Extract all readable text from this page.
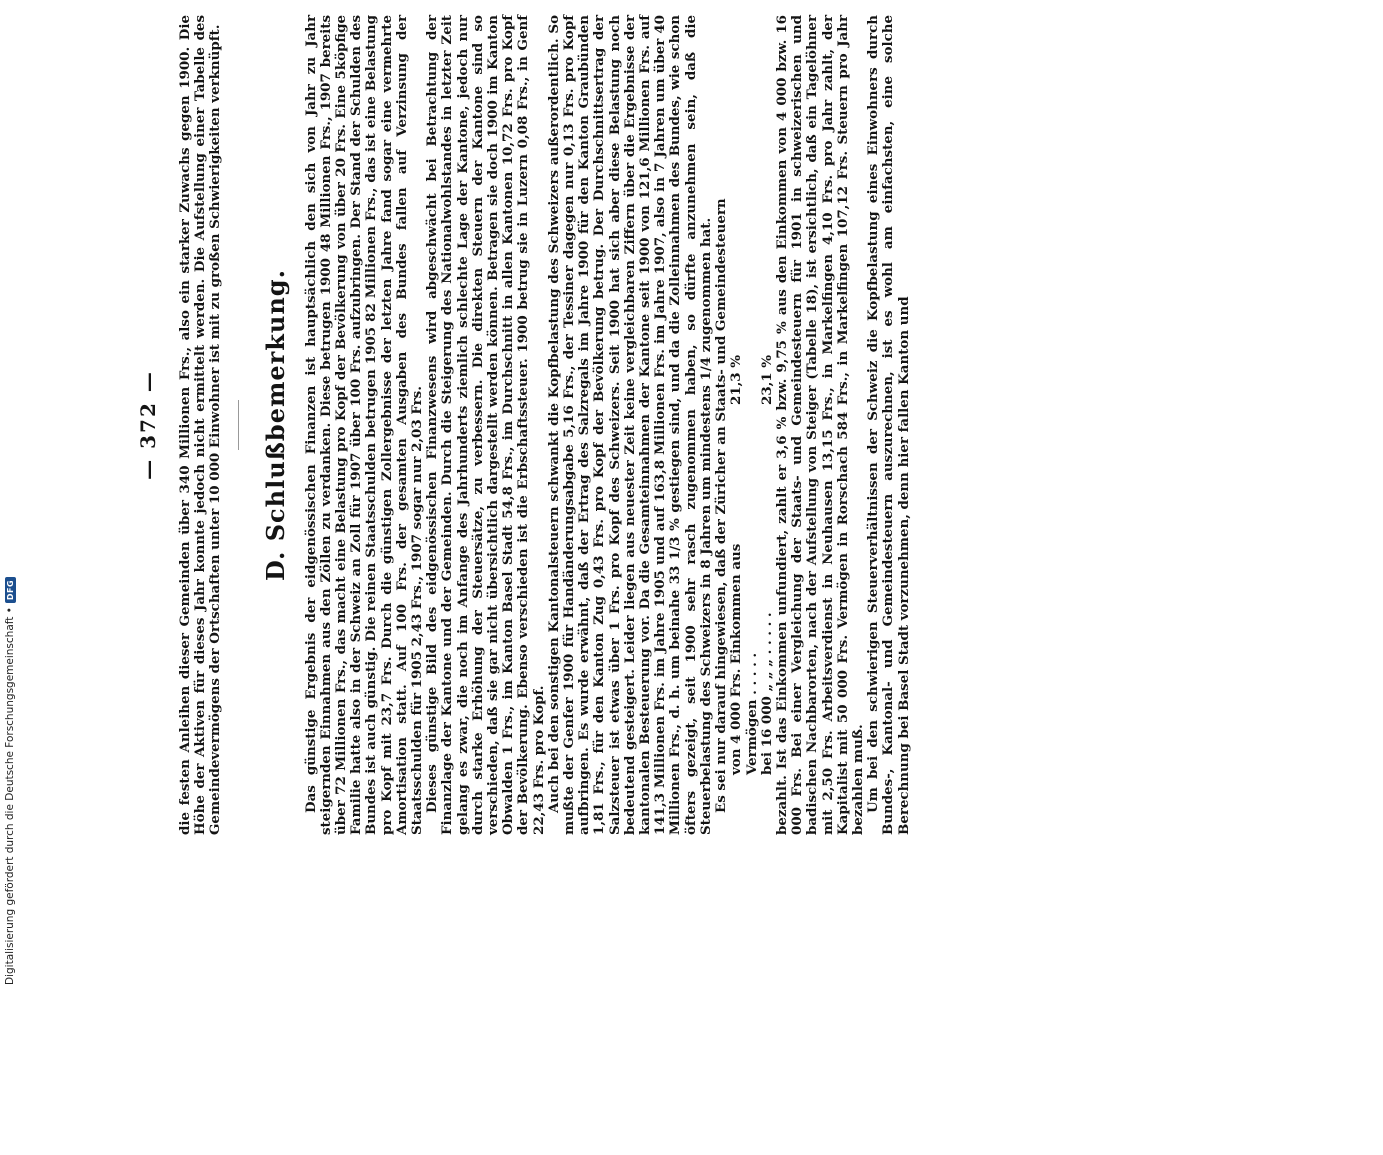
Digitalisierung gefördert durch die Deutsche Forschungsgemeinschaft •
DFG
— 372 — die festen Anleihen dieser Gemeinden über 340 Millionen Frs., also ein starker Zuwachs gegen 1900. Die Höhe der Aktiven für dieses Jahr konnte jedoch nicht ermittelt werden. Die Aufstellung einer Tabelle des Gemeindevermögens der Ortschaften unter 10 000 Einwohner ist mit zu großen Schwierigkeiten verknüpft. D. Schlußbemerkung. Das günstige Ergebnis der eidgenössischen Finanzen ist hauptsächlich den sich von Jahr zu Jahr steigernden Einnahmen aus den Zöllen zu verdanken. Diese betrugen 1900 48 Millionen Frs., 1907 bereits über 72 Millionen Frs., das macht eine Belastung pro Kopf der Bevölkerung von über 20 Frs. Eine 5köpfige Familie hatte also in der Schweiz an Zoll für 1907 über 100 Frs. aufzubringen. Der Stand der Schulden des Bundes ist auch günstig. Die reinen Staatsschulden betrugen 1905 82 Millionen Frs., das ist eine Belastung pro Kopf mit 23,7 Frs. Durch die günstigen Zollergebnisse der letzten Jahre fand sogar eine vermehrte Amortisation statt. Auf 100 Frs. der gesamten Ausgaben des Bundes fallen auf Verzinsung der Staatsschulden für 1905 2,43 Frs., 1907 sogar nur 2,03 Frs. Dieses günstige Bild des eidgenössischen Finanzwesens wird abgeschwächt bei Betrachtung der Finanzlage der Kantone und der Gemeinden. Durch die Steigerung des Nationalwohlstandes in letzter Zeit gelang es zwar, die noch im Anfange des Jahrhunderts ziemlich schlechte Lage der Kantone, jedoch nur durch starke Erhöhung der Steuersätze, zu verbessern. Die direkten Steuern der Kantone sind so verschieden, daß sie gar nicht übersichtlich dargestellt werden können. Betragen sie doch 1900 im Kanton Obwalden 1 Frs., im Kanton Basel Stadt 54,8 Frs., im Durchschnitt in allen Kantonen 10,72 Frs. pro Kopf der Bevölkerung. Ebenso verschieden ist die Erbschaftssteuer. 1900 betrug sie in Luzern 0,08 Frs., in Genf 22,43 Frs. pro Kopf. Auch bei den sonstigen Kantonalsteuern schwankt die Kopfbelastung des Schweizers außerordentlich. So mußte der Genfer 1900 für Handänderungsabgabe 5,16 Frs., der Tessiner dagegen nur 0,13 Frs. pro Kopf aufbringen. Es wurde erwähnt, daß der Ertrag des Salzregals im Jahre 1900 für den Kanton Graubünden 1,81 Frs., für den Kanton Zug 0,43 Frs. pro Kopf der Bevölkerung betrug. Der Durchschnittsertrag der Salzsteuer ist etwas über 1 Frs. pro Kopf des Schweizers. Seit 1900 hat sich aber diese Belastung noch bedeutend gesteigert. Leider liegen aus neuester Zeit keine vergleichbaren Ziffern über die Ergebnisse der kantonalen Besteuerung vor. Da die Gesamteinnahmen der Kantone seit 1900 von 121,6 Millionen Frs. auf 141,3 Millionen Frs. im Jahre 1905 und auf 163,8 Millionen Frs. im Jahre 1907, also in 7 Jahren um über 40 Millionen Frs., d. h. um beinahe 33 1/3 % gestiegen sind, und da die Zolleinnahmen des Bundes, wie schon öfters gezeigt, seit 1900 sehr rasch zugenommen haben, so dürfte anzunehmen sein, daß die Steuerbelastung des Schweizers in 8 Jahren um mindestens 1/4 zugenommen hat. Es sei nur darauf hingewiesen, daß der Züricher an Staats- und Gemeindesteuern von 4 000 Frs. Einkommen aus Vermögen . . . . .
21,3 %
bei 16 000 „ „ „ . . . . .
23,1 % bezahlt. Ist das Einkommen unfundiert, zahlt er 3,6 % bzw. 9,75 % aus den Einkommen von 4 000 bzw. 16 000 Frs. Bei einer Vergleichung der Staats- und Gemeindesteuern für 1901 in schweizerischen und badischen Nachbarorten, nach der Aufstellung von Steiger (Tabelle 18), ist ersichtlich, daß ein Tagelöhner mit 2,50 Frs. Arbeitsverdienst in Neuhausen 13,15 Frs., in Markelfingen 4,10 Frs. pro Jahr zahlt, der Kapitalist mit 50 000 Frs. Vermögen in Rorschach 584 Frs., in Markelfingen 107,12 Frs. Steuern pro Jahr bezahlen muß. Um bei den schwierigen Steuerverhältnissen der Schweiz die Kopfbelastung eines Einwohners durch Bundes-, Kantonal- und Gemeindesteuern auszurechnen, ist es wohl am einfachsten, eine solche Berechnung bei Basel Stadt vorzunehmen, denn hier fallen Kanton und
